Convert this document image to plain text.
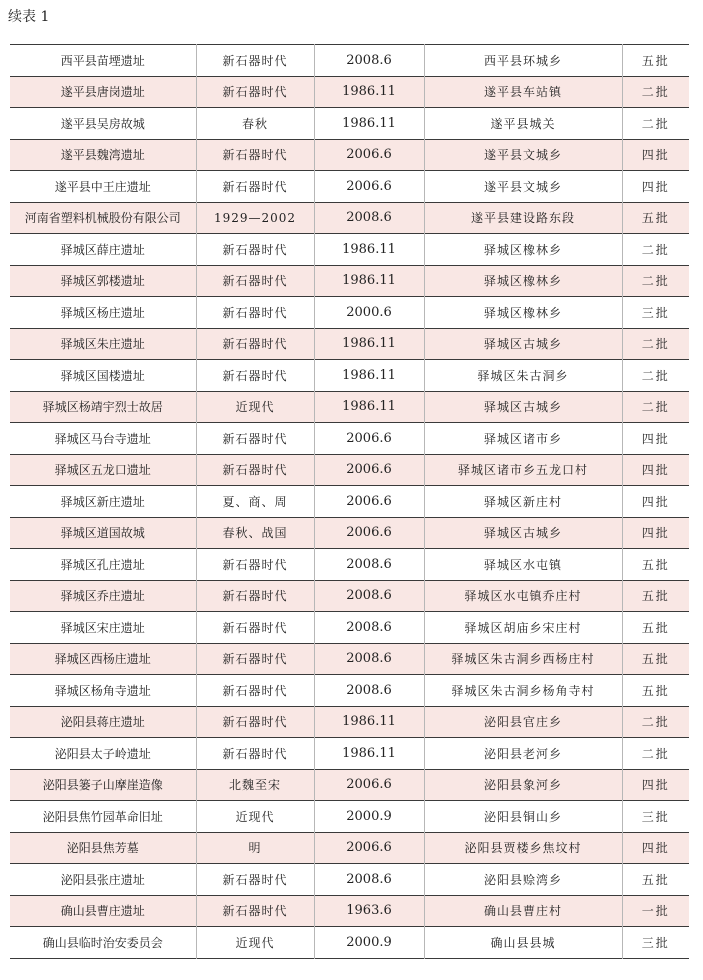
续表 1
西平县苗堙遗址	新石器时代	2008.6	西平县环城乡	五批
遂平县唐岗遗址	新石器时代	1986.11	遂平县车站镇	二批
遂平县吴房故城	春秋	1986.11	遂平县城关	二批
遂平县魏湾遗址	新石器时代	2006.6	遂平县文城乡	四批
遂平县中王庄遗址	新石器时代	2006.6	遂平县文城乡	四批
河南省塑料机械股份有限公司	1929—2002	2008.6	遂平县建设路东段	五批
驿城区薛庄遗址	新石器时代	1986.11	驿城区橡林乡	二批
驿城区郭楼遗址	新石器时代	1986.11	驿城区橡林乡	二批
驿城区杨庄遗址	新石器时代	2000.6	驿城区橡林乡	三批
驿城区朱庄遗址	新石器时代	1986.11	驿城区古城乡	二批
驿城区国楼遗址	新石器时代	1986.11	驿城区朱古洞乡	二批
驿城区杨靖宇烈士故居	近现代	1986.11	驿城区古城乡	二批
驿城区马台寺遗址	新石器时代	2006.6	驿城区诸市乡	四批
驿城区五龙口遗址	新石器时代	2006.6	驿城区诸市乡五龙口村	四批
驿城区新庄遗址	夏、商、周	2006.6	驿城区新庄村	四批
驿城区道国故城	春秋、战国	2006.6	驿城区古城乡	四批
驿城区孔庄遗址	新石器时代	2008.6	驿城区水屯镇	五批
驿城区乔庄遗址	新石器时代	2008.6	驿城区水屯镇乔庄村	五批
驿城区宋庄遗址	新石器时代	2008.6	驿城区胡庙乡宋庄村	五批
驿城区西杨庄遗址	新石器时代	2008.6	驿城区朱古洞乡西杨庄村	五批
驿城区杨角寺遗址	新石器时代	2008.6	驿城区朱古洞乡杨角寺村	五批
泌阳县蒋庄遗址	新石器时代	1986.11	泌阳县官庄乡	二批
泌阳县太子岭遗址	新石器时代	1986.11	泌阳县老河乡	二批
泌阳县篓子山摩崖造像	北魏至宋	2006.6	泌阳县象河乡	四批
泌阳县焦竹园革命旧址	近现代	2000.9	泌阳县铜山乡	三批
泌阳县焦芳墓	明	2006.6	泌阳县贾楼乡焦坟村	四批
泌阳县张庄遗址	新石器时代	2008.6	泌阳县赊湾乡	五批
确山县曹庄遗址	新石器时代	1963.6	确山县曹庄村	一批
确山县临时治安委员会	近现代	2000.9	确山县县城	三批
